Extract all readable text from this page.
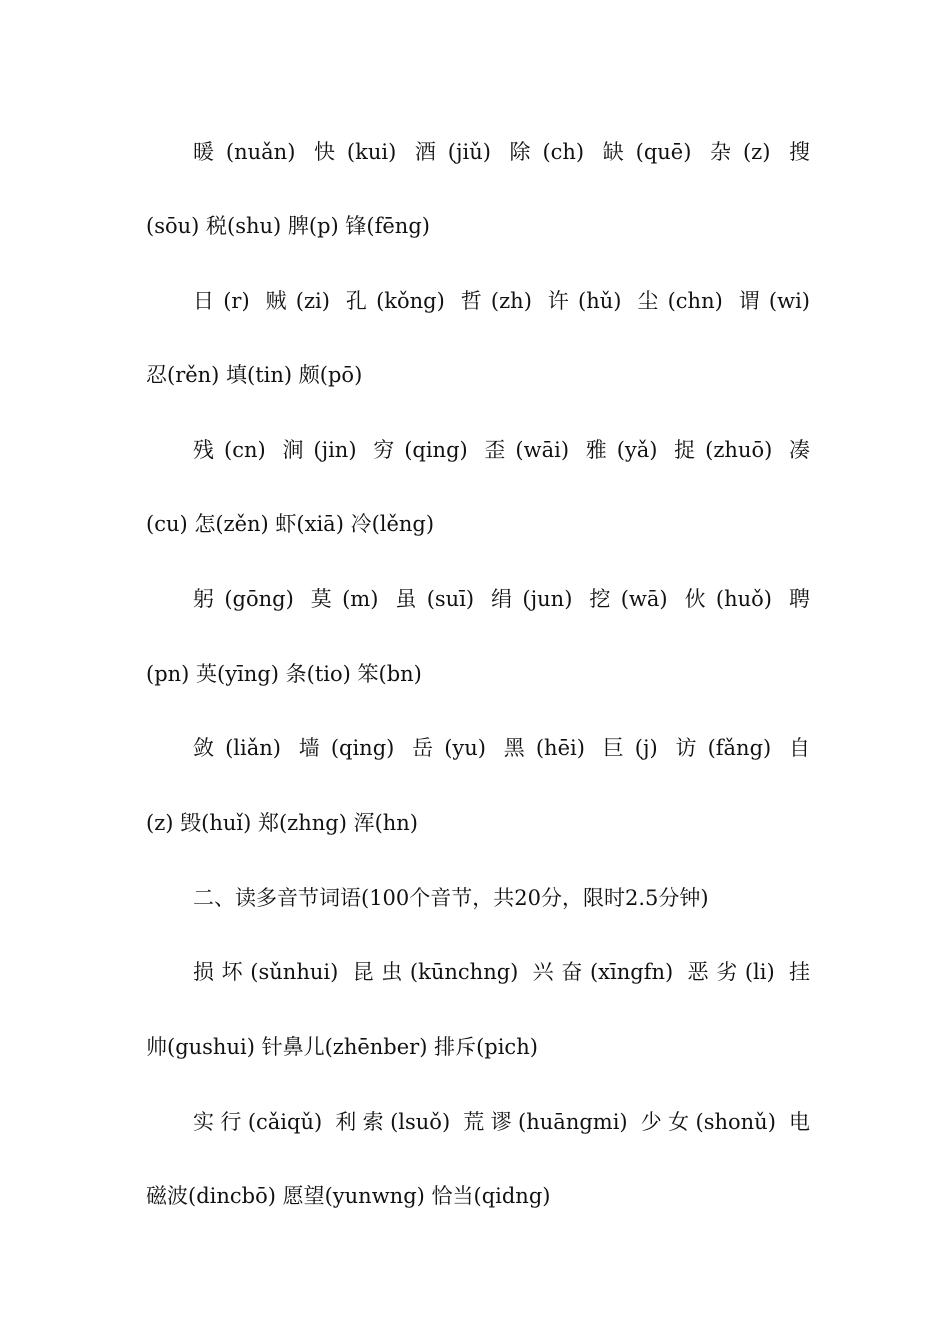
暖(nuǎn) 快(kui) 酒(jiǔ) 除(ch) 缺(quē) 杂(z) 搜
(sōu) 税(shu) 脾(p) 锋(fēng)
日(r) 贼(zi) 孔(kǒng) 哲(zh) 许(hǔ) 尘(chn) 谓(wi)
忍(rěn) 填(tin) 颇(pō)
残(cn) 涧(jin) 穷(qing) 歪(wāi) 雅(yǎ) 捉(zhuō) 凑
(cu) 怎(zěn) 虾(xiā) 冷(lěng)
躬(gōng) 莫(m) 虽(suī) 绢(jun) 挖(wā) 伙(huǒ) 聘
(pn) 英(yīng) 条(tio) 笨(bn)
敛(liǎn) 墙(qing) 岳(yu) 黑(hēi) 巨(j) 访(fǎng) 自
(z) 毁(huǐ) 郑(zhng) 浑(hn)
二、读多音节词语(100个音节，共20分，限时2.5分钟)
损坏(sǔnhui) 昆虫(kūnchng) 兴奋(xīngfn) 恶劣(li) 挂
帅(gushui) 针鼻儿(zhēnber) 排斥(pich)
实行(cǎiqǔ) 利索(lsuǒ) 荒谬(huāngmi) 少女(shonǔ) 电
磁波(dincbō) 愿望(yunwng) 恰当(qidng)
